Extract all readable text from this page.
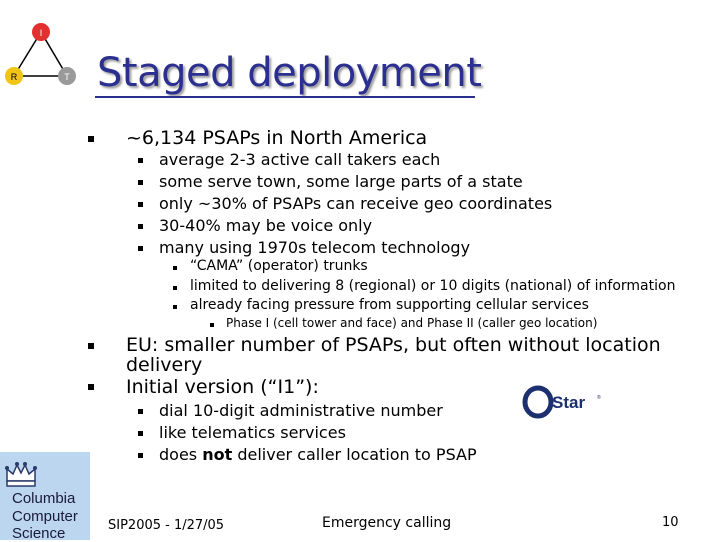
I
R	T Staged deployment
~6,134 PSAPs in North America
average 2-3 active call takers each
some serve town, some large parts of a state
only ~30% of PSAPs can receive geo coordinates
30-40% may be voice only
many using 1970s telecom technology
“CAMA” (operator) trunks
limited to delivering 8 (regional) or 10 digits (national) of information
already facing pressure from supporting cellular services
Phase I (cell tower and face) and Phase II (caller geo location)
EU: smaller number of PSAPs, but often without location
delivery
Initial version (“I1”):
dial 10-digit administrative number
like telematics services
does not deliver caller location to PSAP
Star ®
Columbia
Computer
Science	SIP2005 - 1/27/05	Emergency calling	10
